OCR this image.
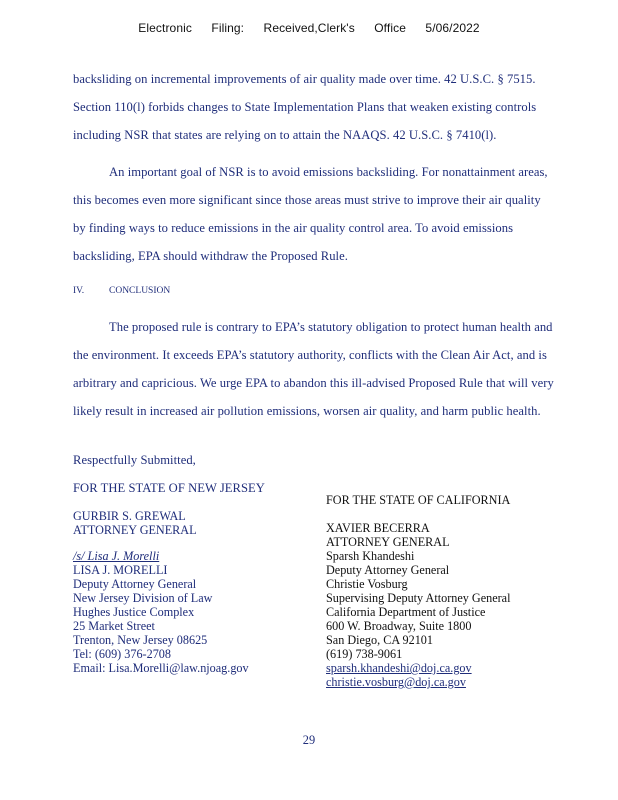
Electronic Filing: Received,Clerk's Office 5/06/2022
backsliding on incremental improvements of air quality made over time. 42 U.S.C. § 7515.
Section 110(l) forbids changes to State Implementation Plans that weaken existing controls
including NSR that states are relying on to attain the NAAQS. 42 U.S.C. § 7410(l).
An important goal of NSR is to avoid emissions backsliding. For nonattainment areas,
this becomes even more significant since those areas must strive to improve their air quality
by finding ways to reduce emissions in the air quality control area. To avoid emissions
backsliding, EPA should withdraw the Proposed Rule.
IV.	CONCLUSION
The proposed rule is contrary to EPA’s statutory obligation to protect human health and
the environment. It exceeds EPA’s statutory authority, conflicts with the Clean Air Act, and is
arbitrary and capricious. We urge EPA to abandon this ill-advised Proposed Rule that will very
likely result in increased air pollution emissions, worsen air quality, and harm public health.
Respectfully Submitted,
FOR THE STATE OF NEW JERSEY
GURBIR S. GREWAL
ATTORNEY GENERAL
/s/ Lisa J. Morelli
LISA J. MORELLI
Deputy Attorney General
New Jersey Division of Law
Hughes Justice Complex
25 Market Street
Trenton, New Jersey 08625
Tel: (609) 376-2708
Email: Lisa.Morelli@law.njoag.gov
FOR THE STATE OF CALIFORNIA
XAVIER BECERRA
ATTORNEY GENERAL
Sparsh Khandeshi
Deputy Attorney General
Christie Vosburg
Supervising Deputy Attorney General
California Department of Justice
600 W. Broadway, Suite 1800
San Diego, CA 92101
(619) 738-9061
sparsh.khandeshi@doj.ca.gov
christie.vosburg@doj.ca.gov
29
